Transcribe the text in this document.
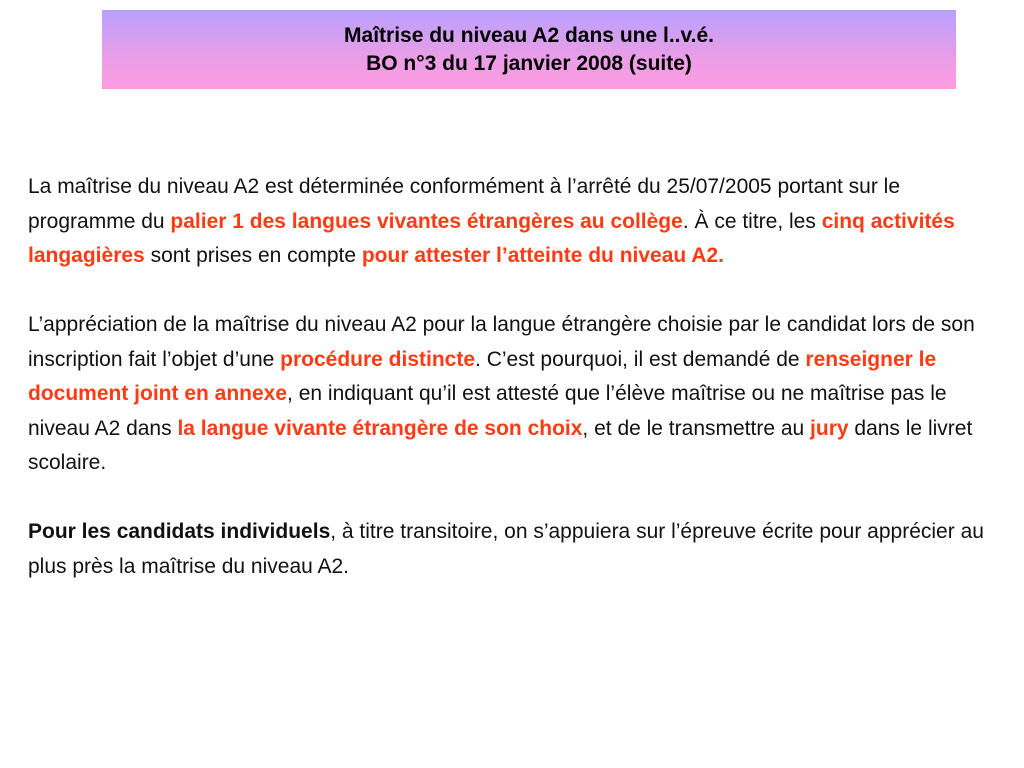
Maîtrise du niveau A2 dans une l..v.é.
BO n°3 du 17 janvier 2008 (suite)

La maîtrise du niveau A2 est déterminée conformément à l’arrêté du 25/07/2005 portant sur le programme du palier 1 des langues vivantes étrangères au collège. À ce titre, les cinq activités langagières sont prises en compte pour attester l’atteinte du niveau A2.

L’appréciation de la maîtrise du niveau A2 pour la langue étrangère choisie par le candidat lors de son inscription fait l’objet d’une procédure distincte. C’est pourquoi, il est demandé de renseigner le document joint en annexe, en indiquant qu’il est attesté que l’élève maîtrise ou ne maîtrise pas le niveau A2 dans la langue vivante étrangère de son choix, et de le transmettre au jury dans le livret scolaire.

Pour les candidats individuels, à titre transitoire, on s’appuiera sur l’épreuve écrite pour apprécier au plus près la maîtrise du niveau A2.
